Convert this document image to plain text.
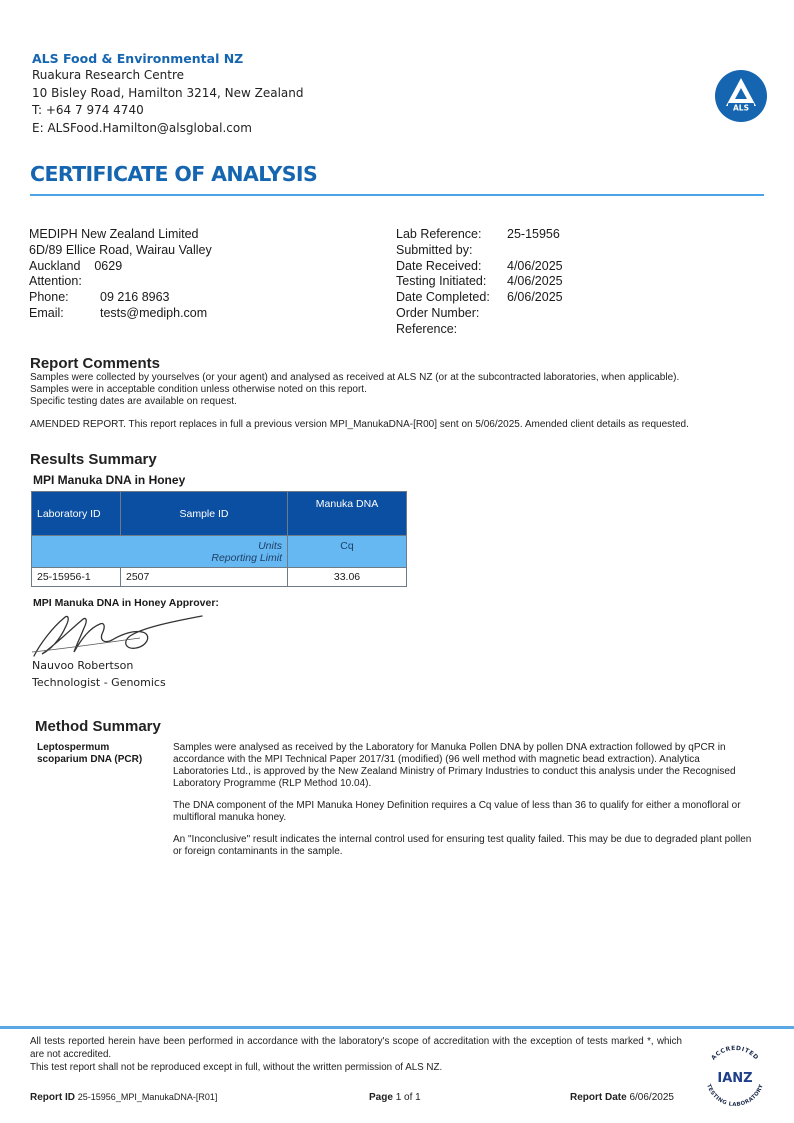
ALS Food & Environmental NZ
Ruakura Research Centre
10 Bisley Road, Hamilton 3214, New Zealand
T: +64 7 974 4740
E: ALSFood.Hamilton@alsglobal.com
ALS
CERTIFICATE OF ANALYSIS
MEDIPH New Zealand Limited
6D/89 Ellice Road, Wairau Valley
Auckland 0629
Attention:
Phone:	09 216 8963
Email:	tests@mediph.com
Lab Reference: 25-15956
Submitted by:
Date Received: 4/06/2025
Testing Initiated: 4/06/2025
Date Completed: 6/06/2025
Order Number:
Reference:
Report Comments
Samples were collected by yourselves (or your agent) and analysed as received at ALS NZ (or at the subcontracted laboratories, when applicable).
Samples were in acceptable condition unless otherwise noted on this report.
Specific testing dates are available on request.
AMENDED REPORT. This report replaces in full a previous version MPI_ManukaDNA-[R00] sent on 5/06/2025. Amended client details as requested.
Results Summary
MPI Manuka DNA in Honey
Laboratory ID	Sample ID	Manuka DNA

Units
Reporting Limit		Cq
25-15956-1	2507	33.06
MPI Manuka DNA in Honey Approver:
Nauvoo Robertson
Technologist - Genomics
Method Summary
Leptospermum
scoparium DNA (PCR)

Samples were analysed as received by the Laboratory for Manuka Pollen DNA by pollen DNA extraction followed by qPCR in accordance with the MPI Technical Paper 2017/31 (modified) (96 well method with magnetic bead extraction). Analytica Laboratories Ltd., is approved by the New Zealand Ministry of Primary Industries to conduct this analysis under the Recognised Laboratory Programme (RLP Method 10.04).

The DNA component of the MPI Manuka Honey Definition requires a Cq value of less than 36 to qualify for either a monofloral or multifloral manuka honey.

An "Inconclusive" result indicates the internal control used for ensuring test quality failed. This may be due to degraded plant pollen or foreign contaminants in the sample.

All tests reported herein have been performed in accordance with the laboratory's scope of accreditation with the exception of tests marked *, which are not accredited.
This test report shall not be reproduced except in full, without the written permission of ALS NZ.
Report ID 25-15956_MPI_ManukaDNA-[R01]	Page 1 of 1	Report Date 6/06/2025
ACCREDITED
IANZ
TESTING LABORATORY
